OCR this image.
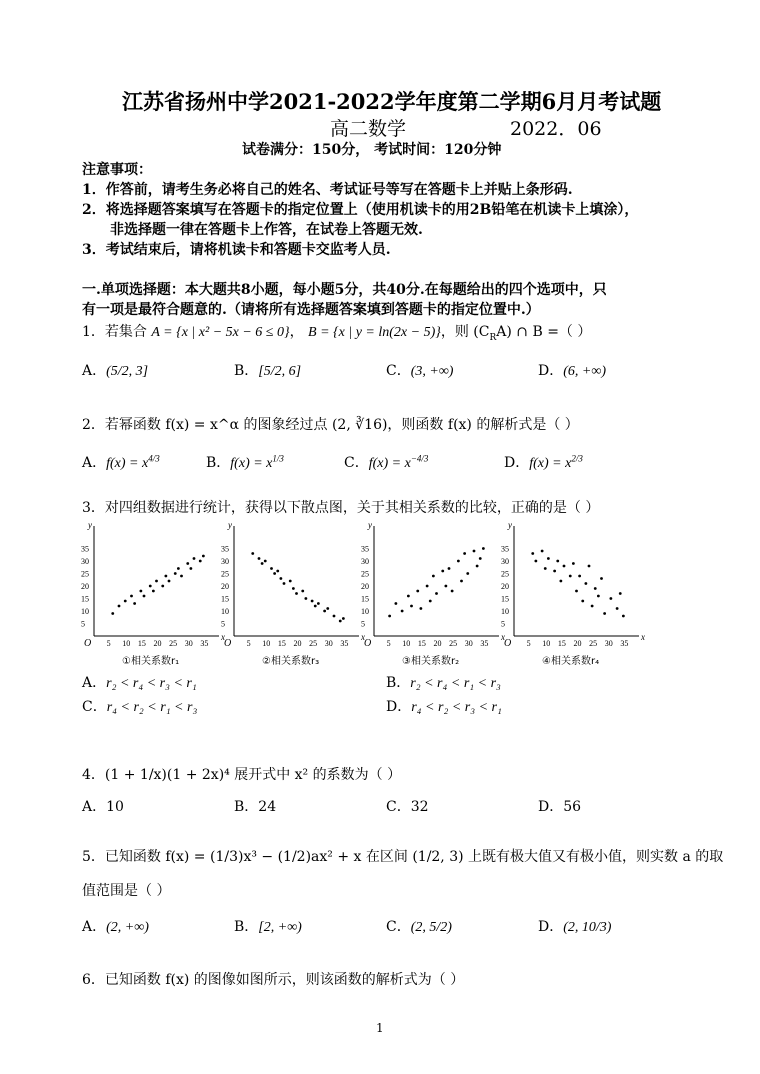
江苏省扬州中学2021-2022学年度第二学期6月月考试题
高二数学	2022．06
试卷满分：150分， 考试时间：120分钟
注意事项：
1．作答前，请考生务必将自己的姓名、考试证号等写在答题卡上并贴上条形码.
2．将选择题答案填写在答题卡的指定位置上（使用机读卡的用2B铅笔在机读卡上填涂），
非选择题一律在答题卡上作答，在试卷上答题无效.
3．考试结束后，请将机读卡和答题卡交监考人员.
一.单项选择题：本大题共8小题，每小题5分，共40分.在每题给出的四个选项中，只
有一项是最符合题意的.（请将所有选择题答案填到答题卡的指定位置中.）
1．若集合 A = {x | x² − 5x − 6 ≤ 0}， B = {x | y = ln(2x − 5)}，则 $(C_RA)$ ∩ B =（ ）
A．(5/2, 3]	B．[5/2, 6]	C．(3, +∞)	D．(6, +∞)
2．若幂函数 f(x) = x^α 的图象经过点 (2, ∛16)，则函数 f(x) 的解析式是（ ）
A．$f(x) = x^{4/3}$	B．$f(x) = x^{1/3}$	C．$f(x) = x^{-4/3}$	D．$f(x) = x^{2/3}$
3．对四组数据进行统计，获得以下散点图，关于其相关系数的比较，正确的是（ ）
x
y
O 5 10 15 20 25 30 35
35
30
25
20
15
10
5
①相关系数r₁
x
y
O 5 10 15 20 25 30 35
35
30
25
20
15
10
5
②相关系数r₃
x
y
O 5 10 15 20 25 30 35
35
30
25
20
15
10
5
③相关系数r₂
x
y
O 5 10 15 20 25 30 35
35
30
25
20
15
10
5
④相关系数r₄
A．r₂ < r₄ < r₃ < r₁	B．r₂ < r₄ < r₁ < r₃
C．r₄ < r₂ < r₁ < r₃	D．r₄ < r₂ < r₃ < r₁
4．(1 + 1/x)(1 + 2x)⁴ 展开式中 x² 的系数为（ ）
A．10	B．24	C．32	D．56
5．已知函数 f(x) = (1/3)x³ − (1/2)ax² + x 在区间 (1/2, 3) 上既有极大值又有极小值，则实数 a 的取
值范围是（ ）
A．(2, +∞)	B．[2, +∞)	C．(2, 5/2)	D．(2, 10/3)
6．已知函数 f(x) 的图像如图所示，则该函数的解析式为（ ）
1
